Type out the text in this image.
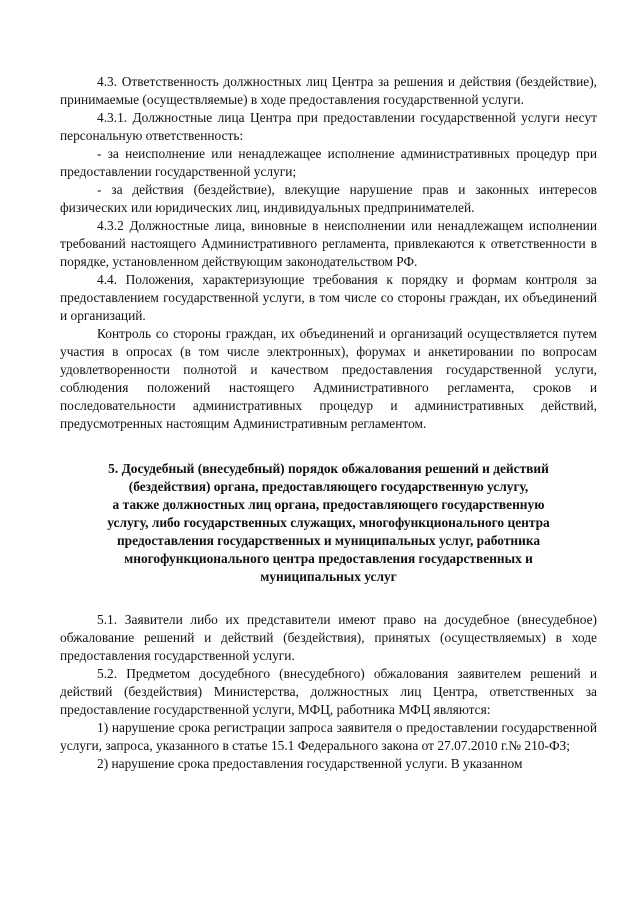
4.3. Ответственность должностных лиц Центра за решения и действия (бездействие), принимаемые (осуществляемые) в ходе предоставления государственной услуги.

4.3.1. Должностные лица Центра при предоставлении государственной услуги несут персональную ответственность:

- за неисполнение или ненадлежащее исполнение административных процедур при предоставлении государственной услуги;

- за действия (бездействие), влекущие нарушение прав и законных интересов физических или юридических лиц, индивидуальных предпринимателей.

4.3.2 Должностные лица, виновные в неисполнении или ненадлежащем исполнении требований настоящего Административного регламента, привлекаются к ответственности в порядке, установленном действующим законодательством РФ.

4.4. Положения, характеризующие требования к порядку и формам контроля за предоставлением государственной услуги, в том числе со стороны граждан, их объединений и организаций.

Контроль со стороны граждан, их объединений и организаций осуществляется путем участия в опросах (в том числе электронных), форумах и анкетировании по вопросам удовлетворенности полнотой и качеством предоставления государственной услуги, соблюдения положений настоящего Административного регламента, сроков и последовательности административных процедур и административных действий, предусмотренных настоящим Административным регламентом.

5. Досудебный (внесудебный) порядок обжалования решений и действий
(бездействия) органа, предоставляющего государственную услугу,
а также должностных лиц органа, предоставляющего государственную
услугу, либо государственных служащих, многофункционального центра
предоставления государственных и муниципальных услуг, работника
многофункционального центра предоставления государственных и
муниципальных услуг

5.1. Заявители либо их представители имеют право на досудебное (внесудебное) обжалование решений и действий (бездействия), принятых (осуществляемых) в ходе предоставления государственной услуги.

5.2. Предметом досудебного (внесудебного) обжалования заявителем решений и действий (бездействия) Министерства, должностных лиц Центра, ответственных за предоставление государственной услуги, МФЦ, работника МФЦ являются:

1) нарушение срока регистрации запроса заявителя о предоставлении государственной услуги, запроса, указанного в статье 15.1 Федерального закона от 27.07.2010 г.№ 210-ФЗ;

2) нарушение срока предоставления государственной услуги. В указанном
